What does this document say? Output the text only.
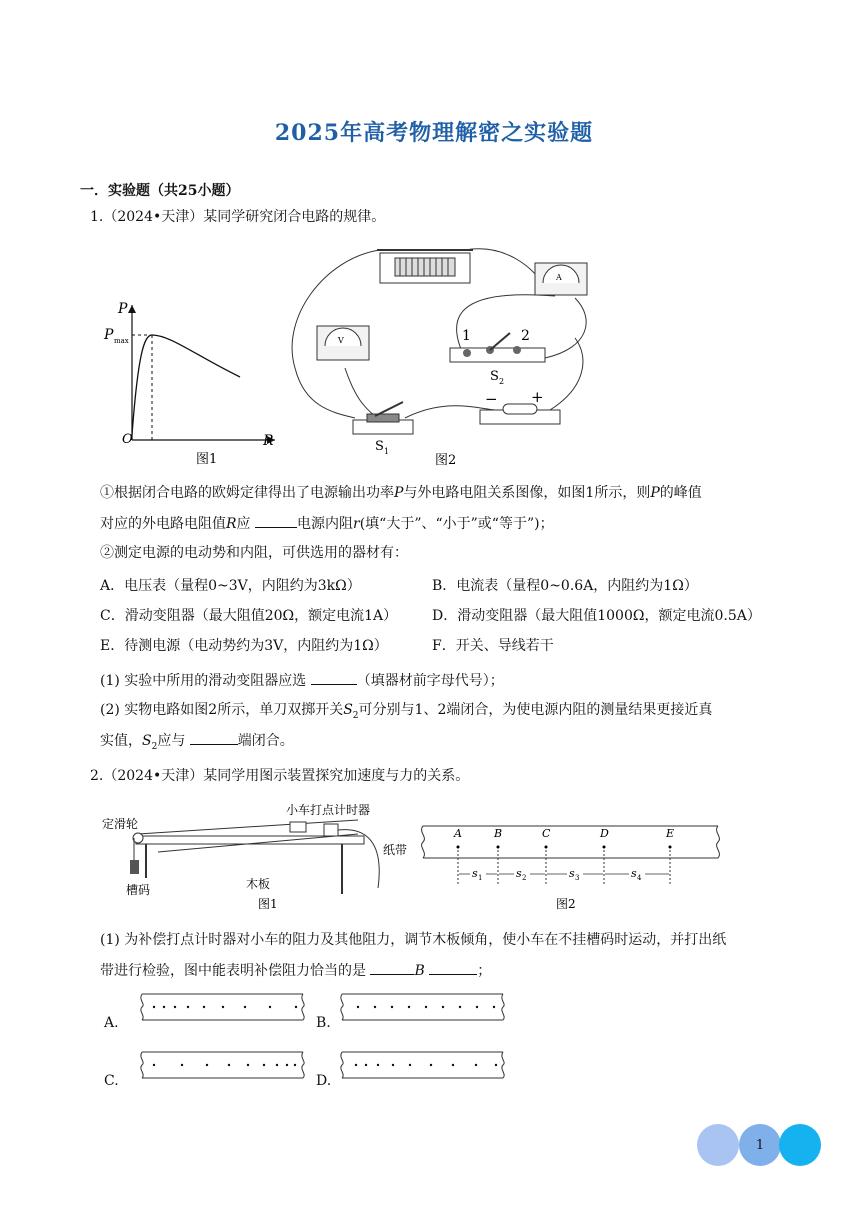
2025年高考物理解密之实验题
一．实验题（共25小题）
1.（2024•天津）某同学研究闭合电路的规律。
P
P max
O	R
图1
A
V	1	2
S 2
− +
S 1
图2
①根据闭合电路的欧姆定律得出了电源输出功率P与外电路电阻关系图像，如图1所示，则P的峰值
对应的外电路电阻值R应	电源内阻r(填“大于”、“小于”或“等于”)；
②测定电源的电动势和内阻，可供选用的器材有：
A．电压表（量程0~3V，内阻约为3kΩ）	B．电流表（量程0~0.6A，内阻约为1Ω）
C．滑动变阻器（最大阻值20Ω，额定电流1A） D．滑动变阻器（最大阻值1000Ω，额定电流0.5A）
E．待测电源（电动势约为3V，内阻约为1Ω）	F．开关、导线若干
(1) 实验中所用的滑动变阻器应选	（填器材前字母代号）；
(2) 实物电路如图2所示，单刀双掷开关$S_2$可分别与1、2端闭合，为使电源内阻的测量结果更接近真
实值，$S_2$应与	端闭合。
2.（2024•天津）某同学用图示装置探究加速度与力的关系。
定滑轮
小车打点计时器
纸带
槽码	木板
图1
A	B	C	D	E
s 1	s 2	s 3	s 4
图2
(1) 为补偿打点计时器对小车的阻力及其他阻力，调节木板倾角，使小车在不挂槽码时运动，并打出纸
带进行检验，图中能表明补偿阻力恰当的是	B	；
A.	B.
C.	D.
1
